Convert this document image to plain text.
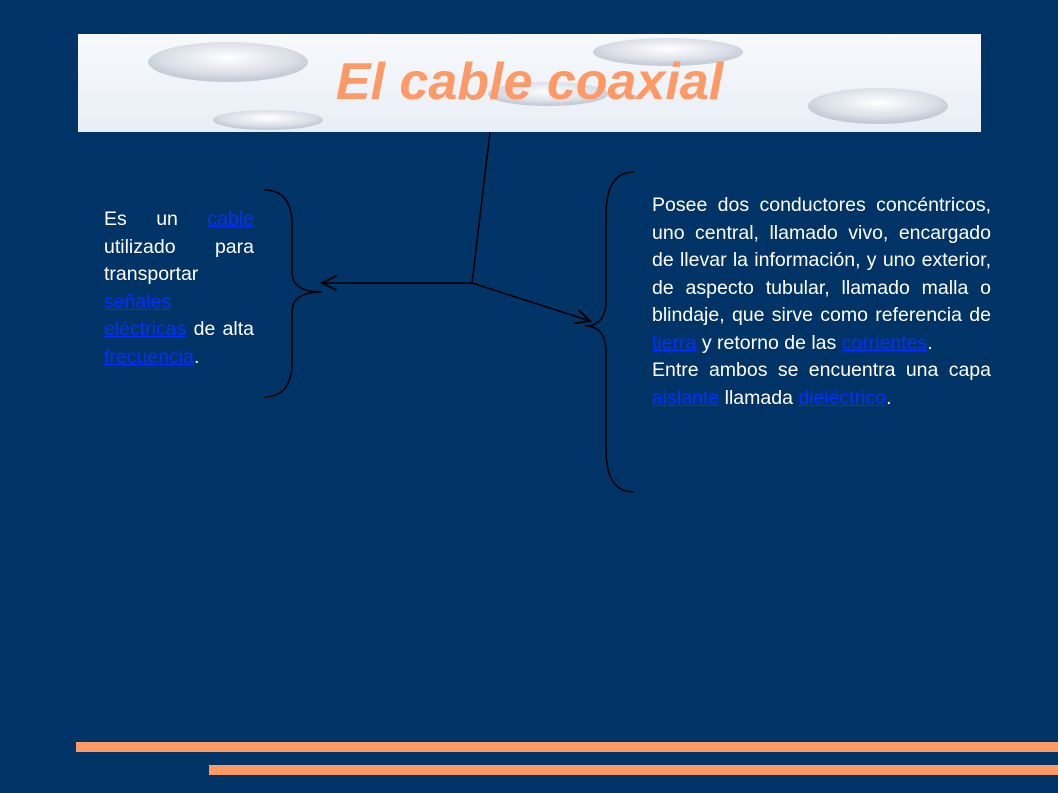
El cable coaxial
Es un cable utilizado para transportar señales eléctricas de alta frecuencia.

Posee dos conductores concéntricos, uno central, llamado vivo, encargado de llevar la información, y uno exterior, de aspecto tubular, llamado malla o blindaje, que sirve como referencia de tierra y retorno de las corrientes.

Entre ambos se encuentra una capa aislante llamada dieléctrico.
